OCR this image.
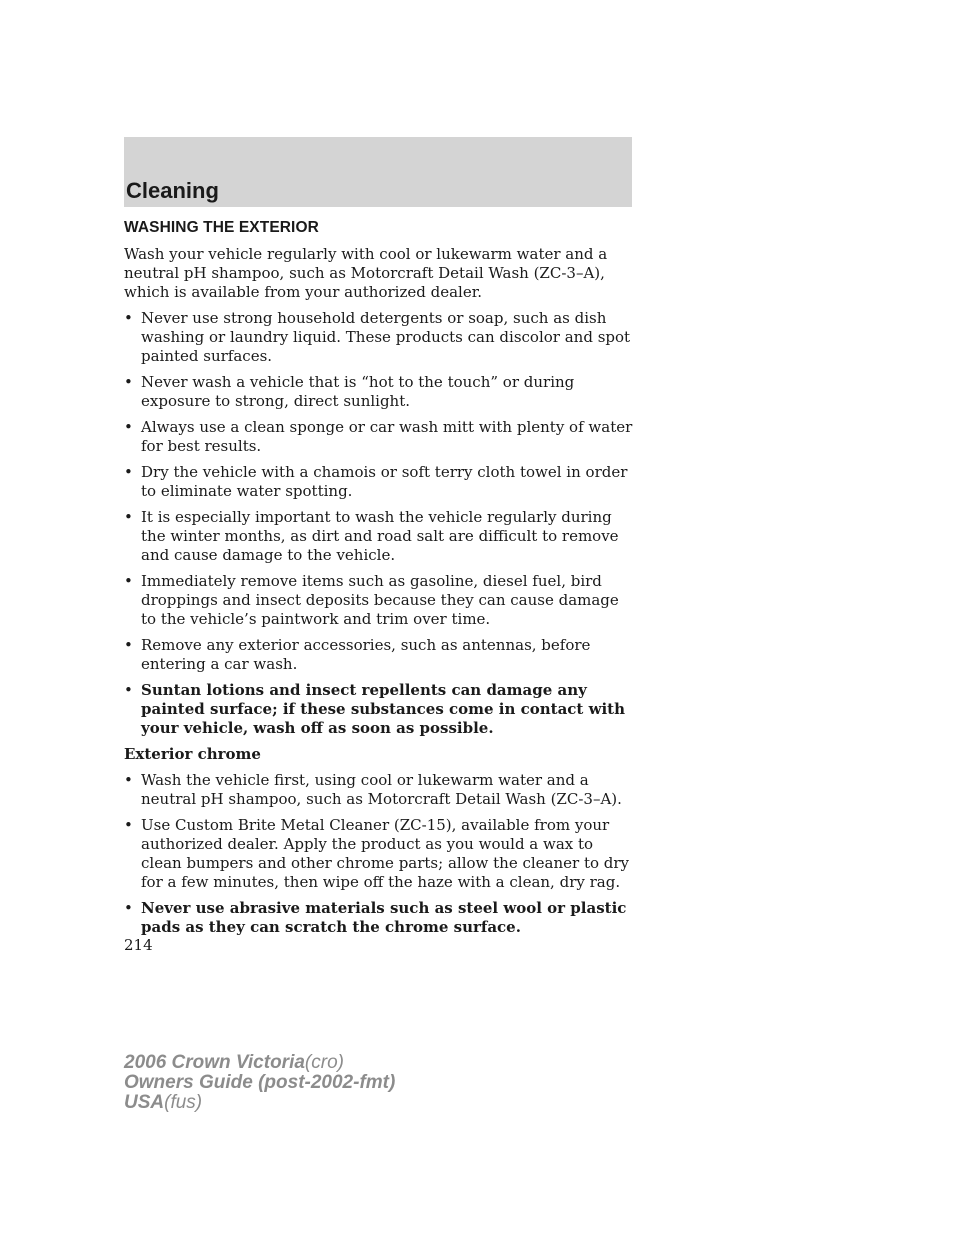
Cleaning
WASHING THE EXTERIOR

Wash your vehicle regularly with cool or lukewarm water and a neutral pH shampoo, such as Motorcraft Detail Wash (ZC-3–A), which is available from your authorized dealer.

• Never use strong household detergents or soap, such as dish washing or laundry liquid. These products can discolor and spot painted surfaces.
• Never wash a vehicle that is “hot to the touch” or during exposure to strong, direct sunlight.
• Always use a clean sponge or car wash mitt with plenty of water for best results.
• Dry the vehicle with a chamois or soft terry cloth towel in order to eliminate water spotting.
• It is especially important to wash the vehicle regularly during the winter months, as dirt and road salt are difficult to remove and cause damage to the vehicle.
• Immediately remove items such as gasoline, diesel fuel, bird droppings and insect deposits because they can cause damage to the vehicle’s paintwork and trim over time.
• Remove any exterior accessories, such as antennas, before entering a car wash.
• Suntan lotions and insect repellents can damage any painted surface; if these substances come in contact with your vehicle, wash off as soon as possible.
Exterior chrome
• Wash the vehicle first, using cool or lukewarm water and a neutral pH shampoo, such as Motorcraft Detail Wash (ZC-3–A).
• Use Custom Brite Metal Cleaner (ZC-15), available from your authorized dealer. Apply the product as you would a wax to clean bumpers and other chrome parts; allow the cleaner to dry for a few minutes, then wipe off the haze with a clean, dry rag.
• Never use abrasive materials such as steel wool or plastic pads as they can scratch the chrome surface.
214
2006 Crown Victoria(cro)
Owners Guide (post-2002-fmt)
USA(fus)
